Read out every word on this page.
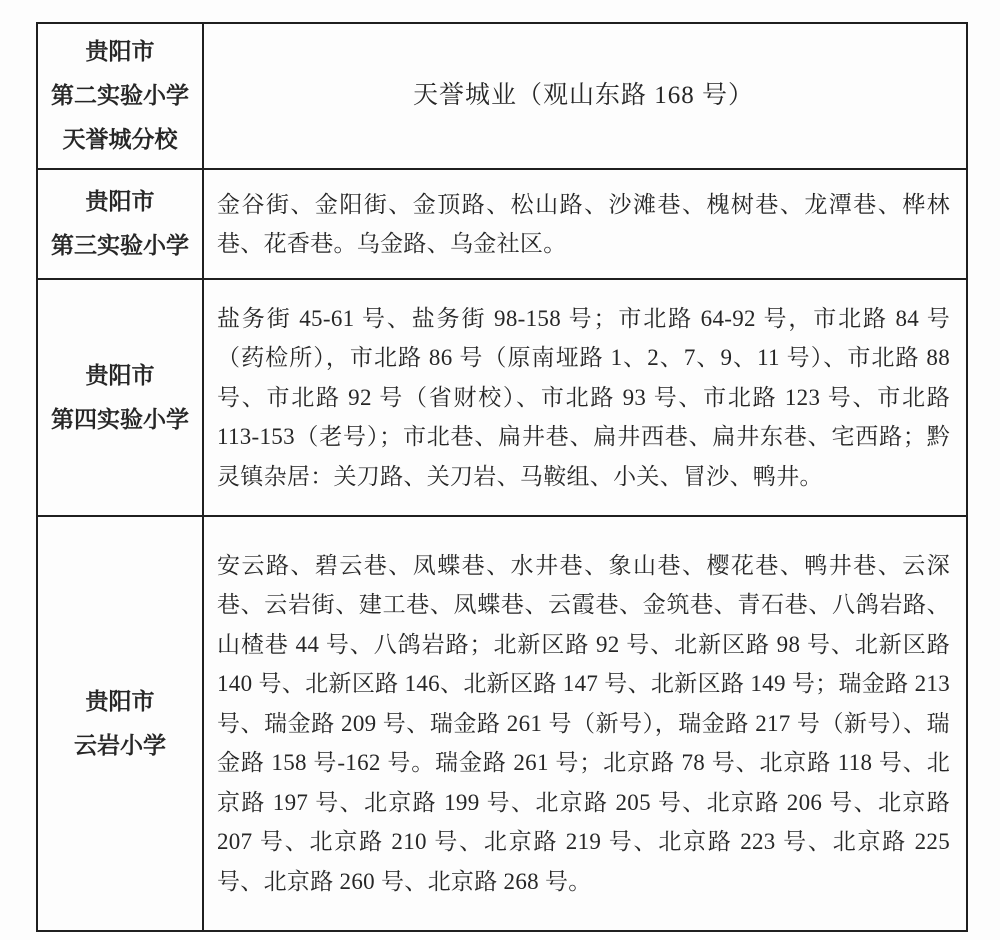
贵阳市
第二实验小学
天誉城分校	天誉城业（观山东路 168 号）

贵阳市
第三实验小学	金谷街、金阳街、金顶路、松山路、沙滩巷、槐树巷、龙潭巷、桦林巷、花香巷。乌金路、乌金社区。

贵阳市
第四实验小学	盐务街 45-61 号、盐务街 98-158 号；市北路 64-92 号，市北路 84 号（药检所），市北路 86 号（原南垭路 1、2、7、9、11 号）、市北路 88 号、市北路 92 号（省财校）、市北路 93 号、市北路 123 号、市北路 113-153（老号）；市北巷、扁井巷、扁井西巷、扁井东巷、宅西路；黔灵镇杂居：关刀路、关刀岩、马鞍组、小关、冒沙、鸭井。

贵阳市
云岩小学	安云路、碧云巷、凤蝶巷、水井巷、象山巷、樱花巷、鸭井巷、云深巷、云岩街、建工巷、凤蝶巷、云霞巷、金筑巷、青石巷、八鸽岩路、山楂巷 44 号、八鸽岩路；北新区路 92 号、北新区路 98 号、北新区路 140 号、北新区路 146、北新区路 147 号、北新区路 149 号；瑞金路 213 号、瑞金路 209 号、瑞金路 261 号（新号），瑞金路 217 号（新号）、瑞金路 158 号-162 号。瑞金路 261 号；北京路 78 号、北京路 118 号、北京路 197 号、北京路 199 号、北京路 205 号、北京路 206 号、北京路 207 号、北京路 210 号、北京路 219 号、北京路 223 号、北京路 225 号、北京路 260 号、北京路 268 号。
